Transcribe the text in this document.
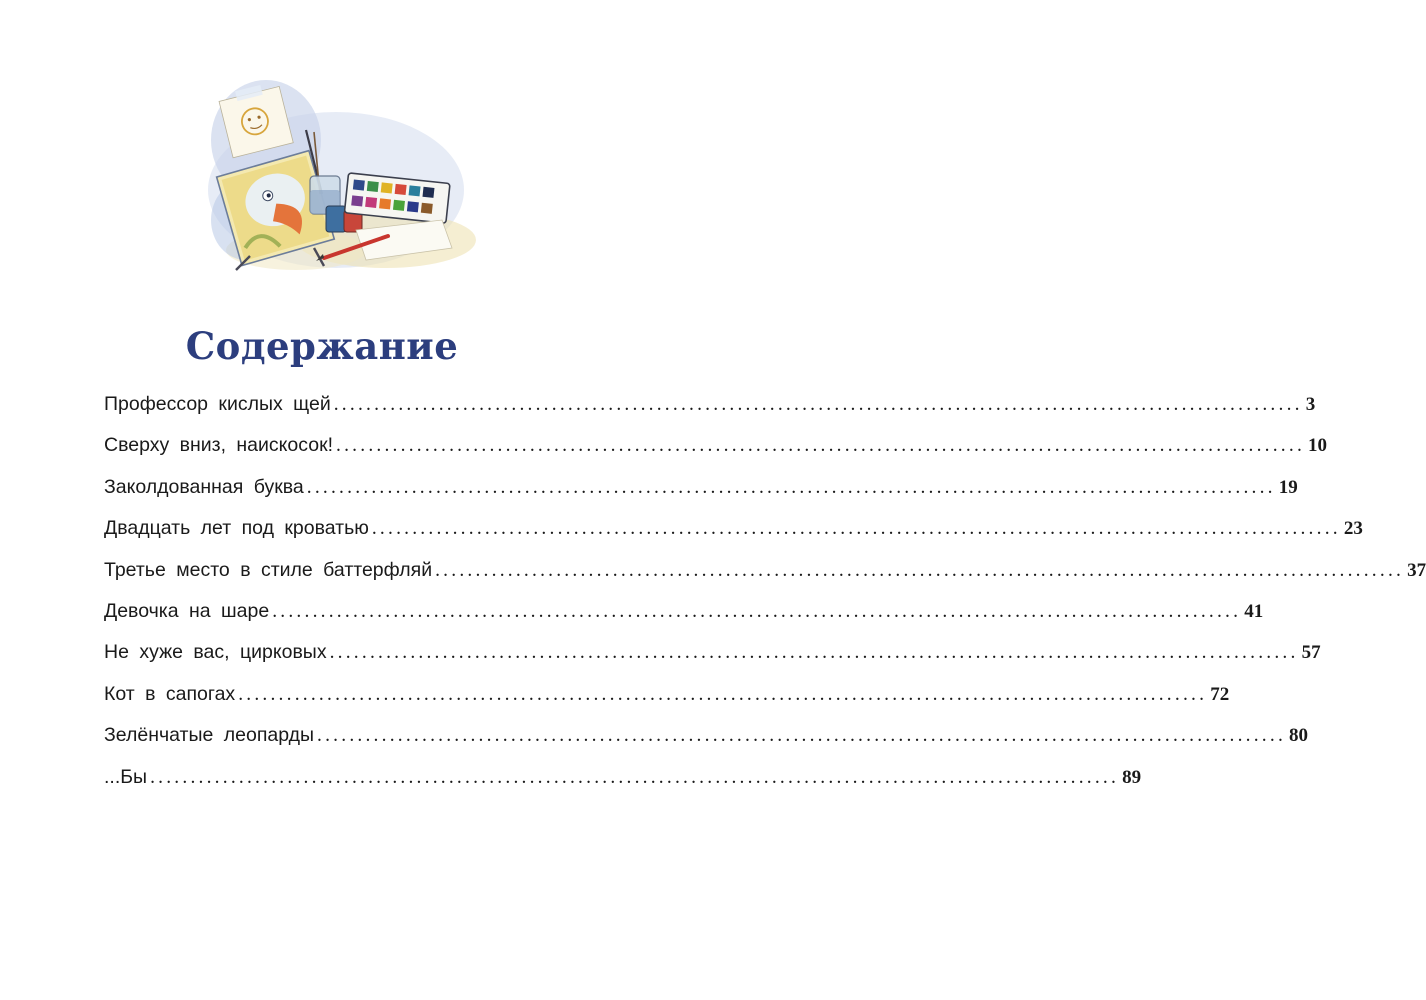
Содержание
Профессор кислых щей ........................................................................................................................ 3
Сверху вниз, наискосок! ........................................................................................................................ 10
Заколдованная буква ........................................................................................................................ 19
Двадцать лет под кроватью ........................................................................................................................ 23
Третье место в стиле баттерфляй ........................................................................................................................ 37
Девочка на шаре ........................................................................................................................ 41
Не хуже вас, цирковых ........................................................................................................................ 57
Кот в сапогах ........................................................................................................................ 72
Зелёнчатые леопарды ........................................................................................................................ 80
...Бы ........................................................................................................................ 89
